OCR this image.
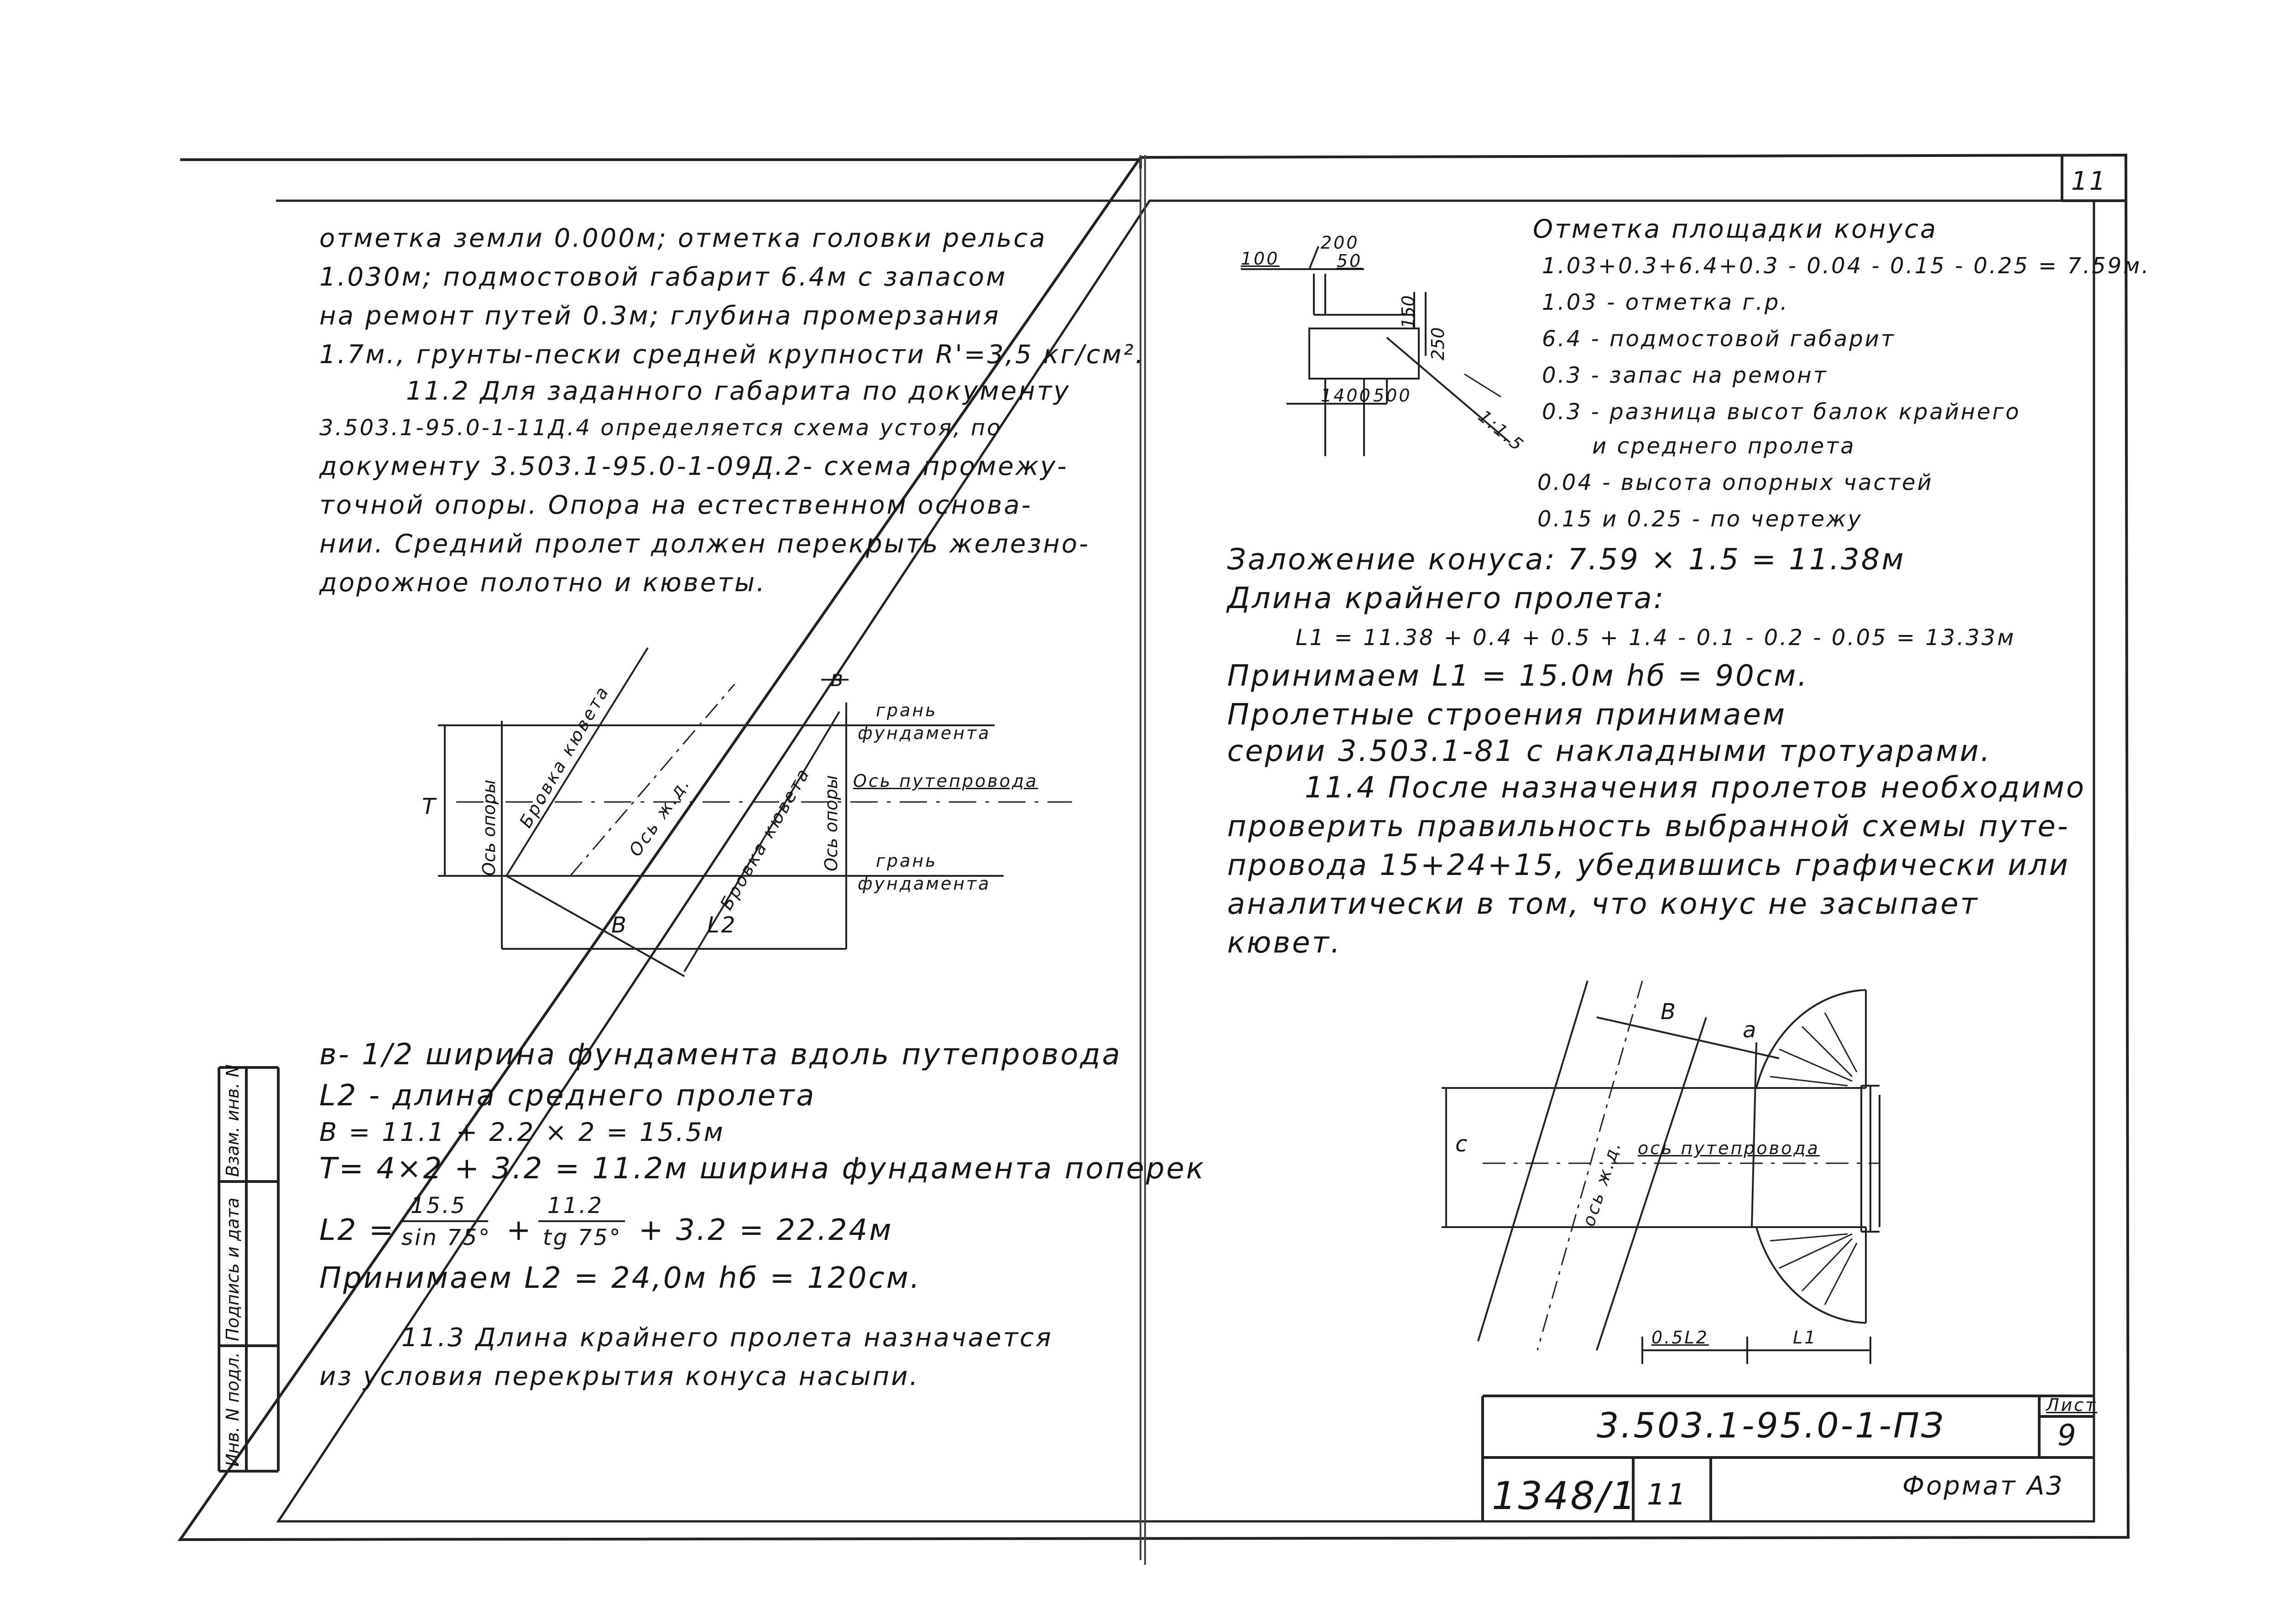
11
отметка земли 0.000м; отметка головки рельса
1.030м; подмостовой габарит 6.4м с запасом
на ремонт путей 0.3м; глубина промерзания
1.7м., грунты-пески средней крупности R'=3,5 кг/см².
11.2 Для заданного габарита по документу
3.503.1-95.0-1-11Д.4 определяется схема устоя, по
документу 3.503.1-95.0-1-09Д.2- схема промежу-
точной опоры. Опора на естественном основа-
нии. Средний пролет должен перекрыть железно-
дорожное полотно и кюветы.
грань
фундамента
Ось путепровода
грань
фундамента
Ось опоры	Ось опоры
Бровка кювета
Бровка кювета
Ось ж.д.
T
в
В	L2
в- 1/2 ширина фундамента вдоль путепровода
L2 - длина среднего пролета
В = 11.1 + 2.2 × 2 = 15.5м
T= 4×2 + 3.2 = 11.2м ширина фундамента поперек
L2 =
15.5
sin 75° +
11.2
tg 75° + 3.2 = 22.24м
Принимаем L2 = 24,0м hб = 120см.
11.3 Длина крайнего пролета назначается
из условия перекрытия конуса насыпи.
Инв. N подл.
Подпись и дата
Взам. инв. N
100
200
50
150
250
1400 500
1:1.5
Отметка площадки конуса
1.03+0.3+6.4+0.3 - 0.04 - 0.15 - 0.25 = 7.59м.
1.03 - отметка г.р.
6.4 - подмостовой габарит
0.3 - запас на ремонт
0.3 - разница высот балок крайнего
и среднего пролета
0.04 - высота опорных частей
0.15 и 0.25 - по чертежу
Заложение конуса: 7.59 × 1.5 = 11.38м
Длина крайнего пролета:
L1 = 11.38 + 0.4 + 0.5 + 1.4 - 0.1 - 0.2 - 0.05 = 13.33м
Принимаем L1 = 15.0м hб = 90см.
Пролетные строения принимаем
серии 3.503.1-81 с накладными тротуарами.
11.4 После назначения пролетов необходимо
проверить правильность выбранной схемы путе-
провода 15+24+15, убедившись графически или
аналитически в том, что конус не засыпает
кювет.
В
а
с	ось путепровода
ось ж.д.
0.5L2	L1
3.503.1-95.0-1-ПЗ	Лист
9
1348/1 11	Формат А3
